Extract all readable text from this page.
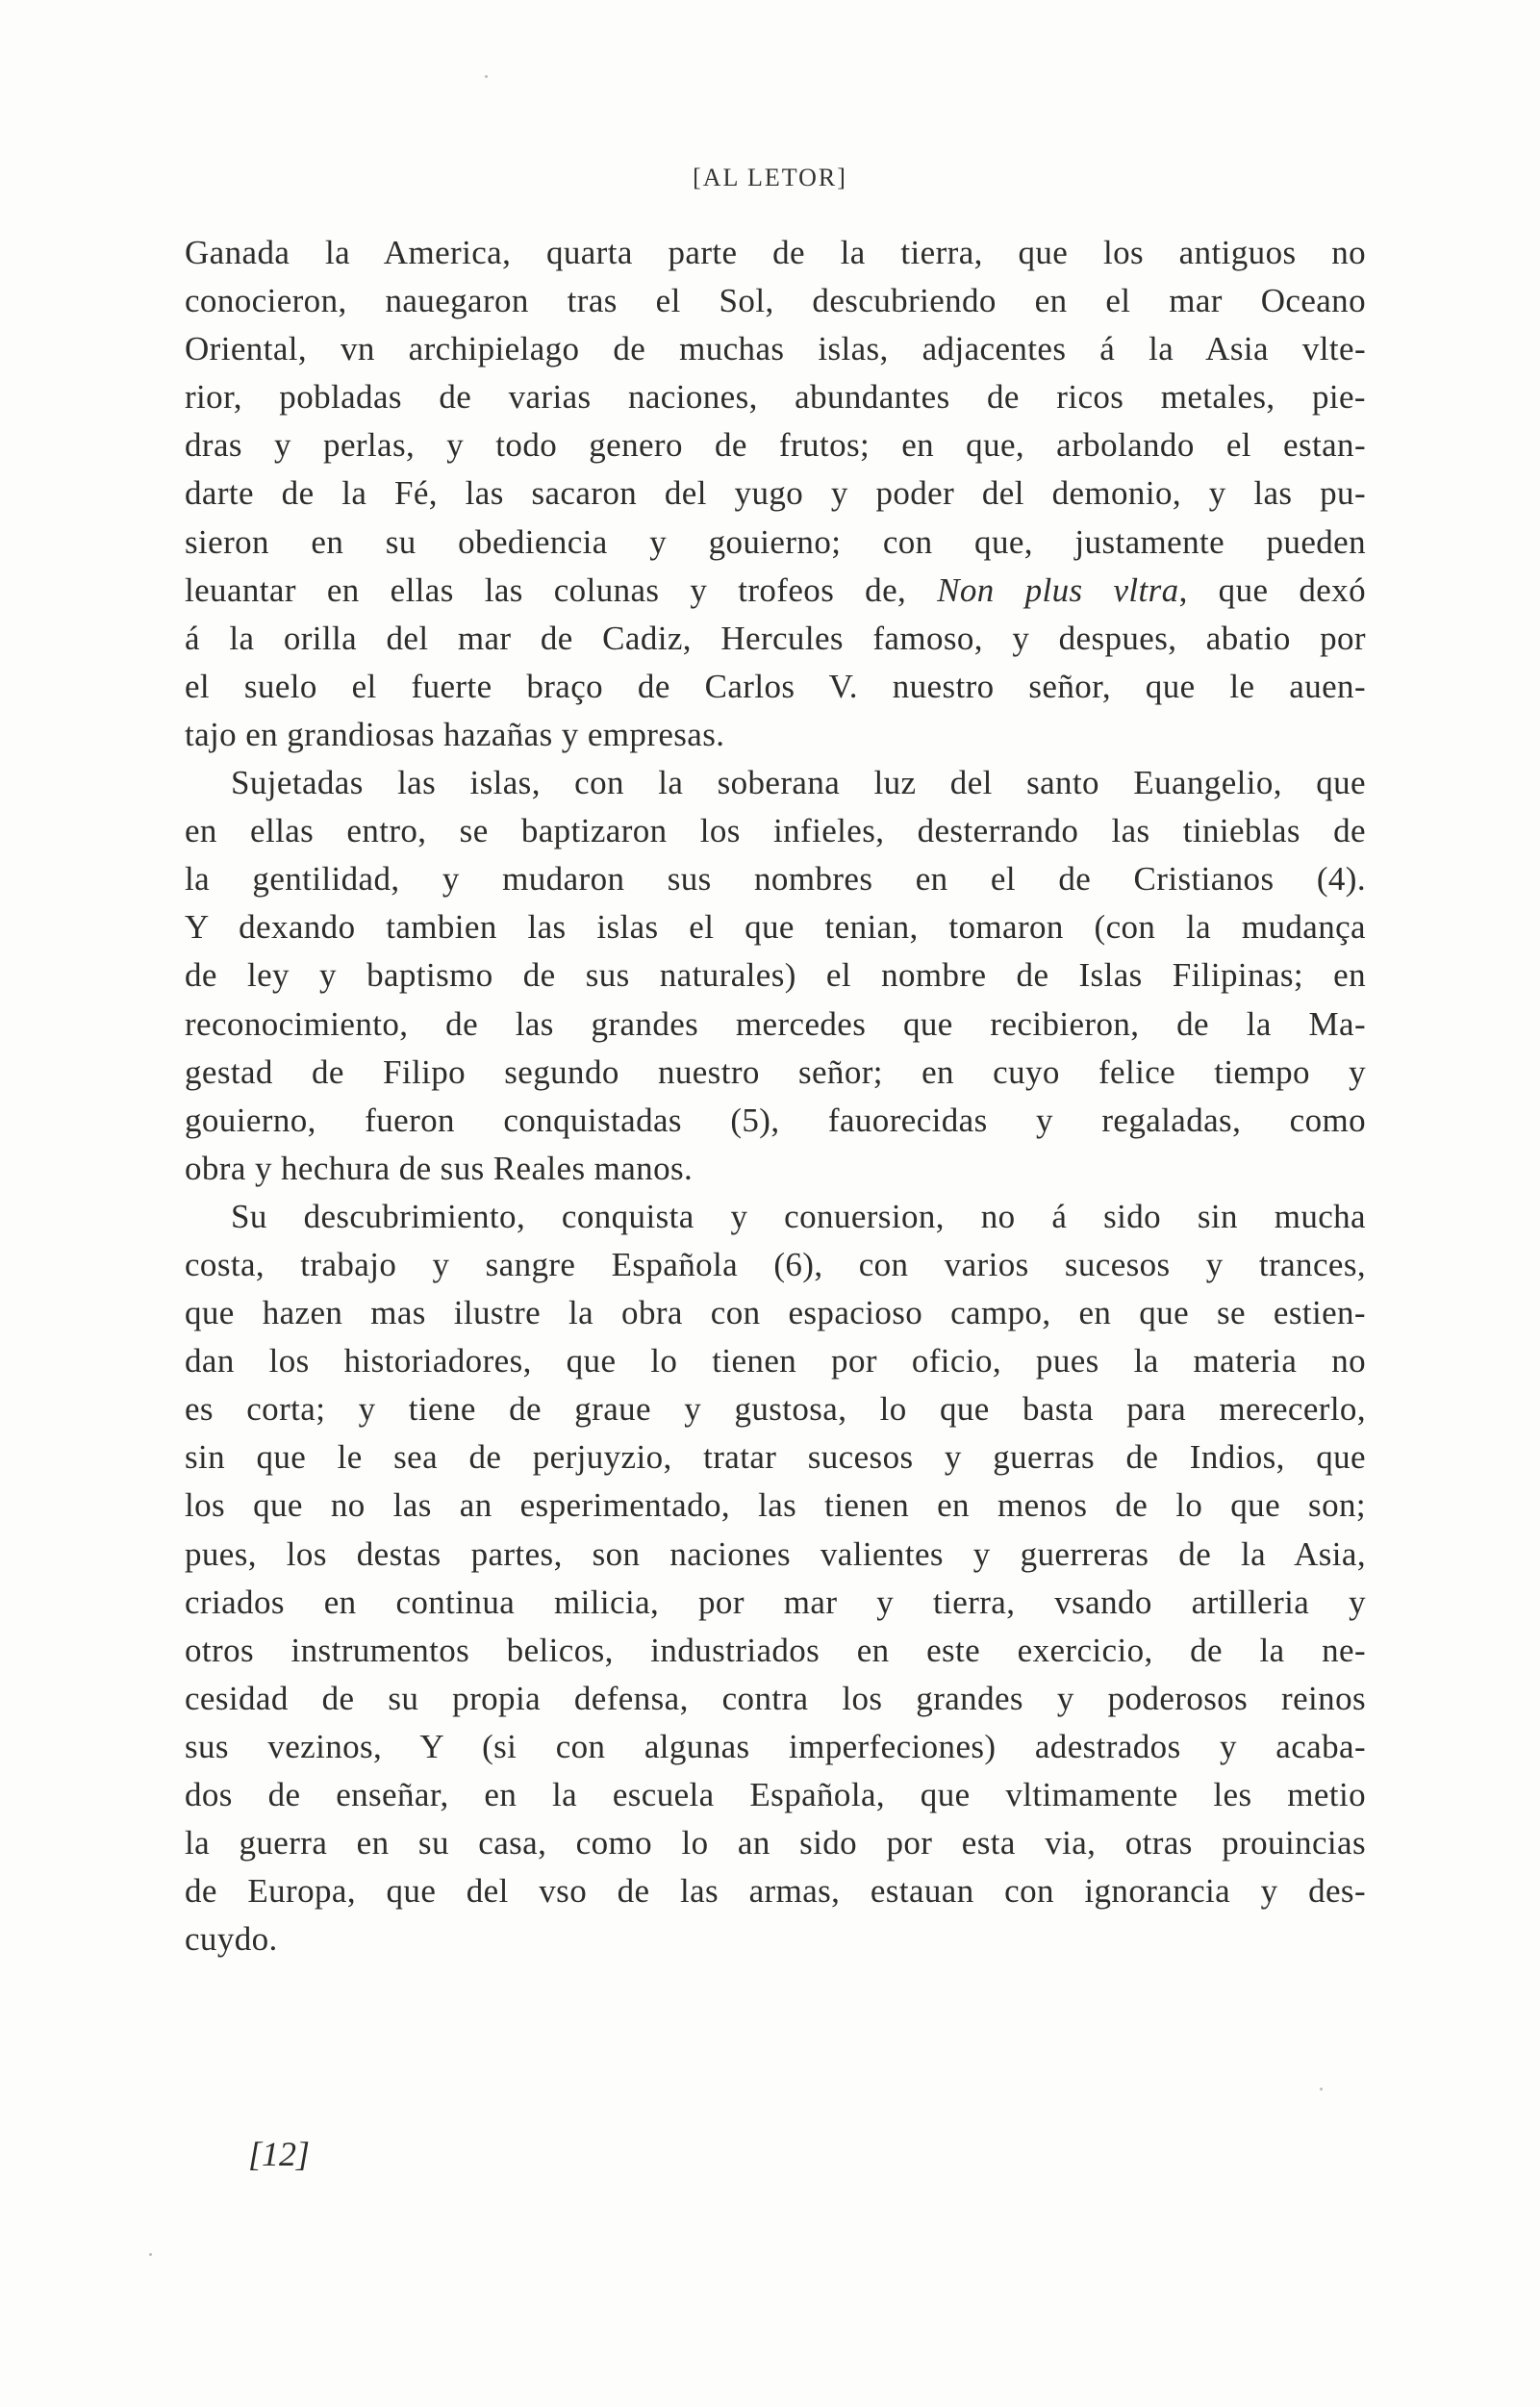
[AL LETOR]
Ganada la America, quarta parte de la tierra, que los antiguos no
conocieron, nauegaron tras el Sol, descubriendo en el mar Oceano
Oriental, vn archipielago de muchas islas, adjacentes á la Asia vlte-
rior, pobladas de varias naciones, abundantes de ricos metales, pie-
dras y perlas, y todo genero de frutos; en que, arbolando el estan-
darte de la Fé, las sacaron del yugo y poder del demonio, y las pu-
sieron en su obediencia y gouierno; con que, justamente pueden
leuantar en ellas las colunas y trofeos de, Non plus vltra, que dexó
á la orilla del mar de Cadiz, Hercules famoso, y despues, abatio por
el suelo el fuerte braço de Carlos V. nuestro señor, que le auen-
tajo en grandiosas hazañas y empresas.
Sujetadas las islas, con la soberana luz del santo Euangelio, que
en ellas entro, se baptizaron los infieles, desterrando las tinieblas de
la gentilidad, y mudaron sus nombres en el de Cristianos (4).
Y dexando tambien las islas el que tenian, tomaron (con la mudança
de ley y baptismo de sus naturales) el nombre de Islas Filipinas; en
reconocimiento, de las grandes mercedes que recibieron, de la Ma-
gestad de Filipo segundo nuestro señor; en cuyo felice tiempo y
gouierno, fueron conquistadas (5), fauorecidas y regaladas, como
obra y hechura de sus Reales manos.
Su descubrimiento, conquista y conuersion, no á sido sin mucha
costa, trabajo y sangre Española (6), con varios sucesos y trances,
que hazen mas ilustre la obra con espacioso campo, en que se estien-
dan los historiadores, que lo tienen por oficio, pues la materia no
es corta; y tiene de graue y gustosa, lo que basta para merecerlo,
sin que le sea de perjuyzio, tratar sucesos y guerras de Indios, que
los que no las an esperimentado, las tienen en menos de lo que son;
pues, los destas partes, son naciones valientes y guerreras de la Asia,
criados en continua milicia, por mar y tierra, vsando artilleria y
otros instrumentos belicos, industriados en este exercicio, de la ne-
cesidad de su propia defensa, contra los grandes y poderosos reinos
sus vezinos, Y (si con algunas imperfeciones) adestrados y acaba-
dos de enseñar, en la escuela Española, que vltimamente les metio
la guerra en su casa, como lo an sido por esta via, otras prouincias
de Europa, que del vso de las armas, estauan con ignorancia y des-
cuydo.
[12]
